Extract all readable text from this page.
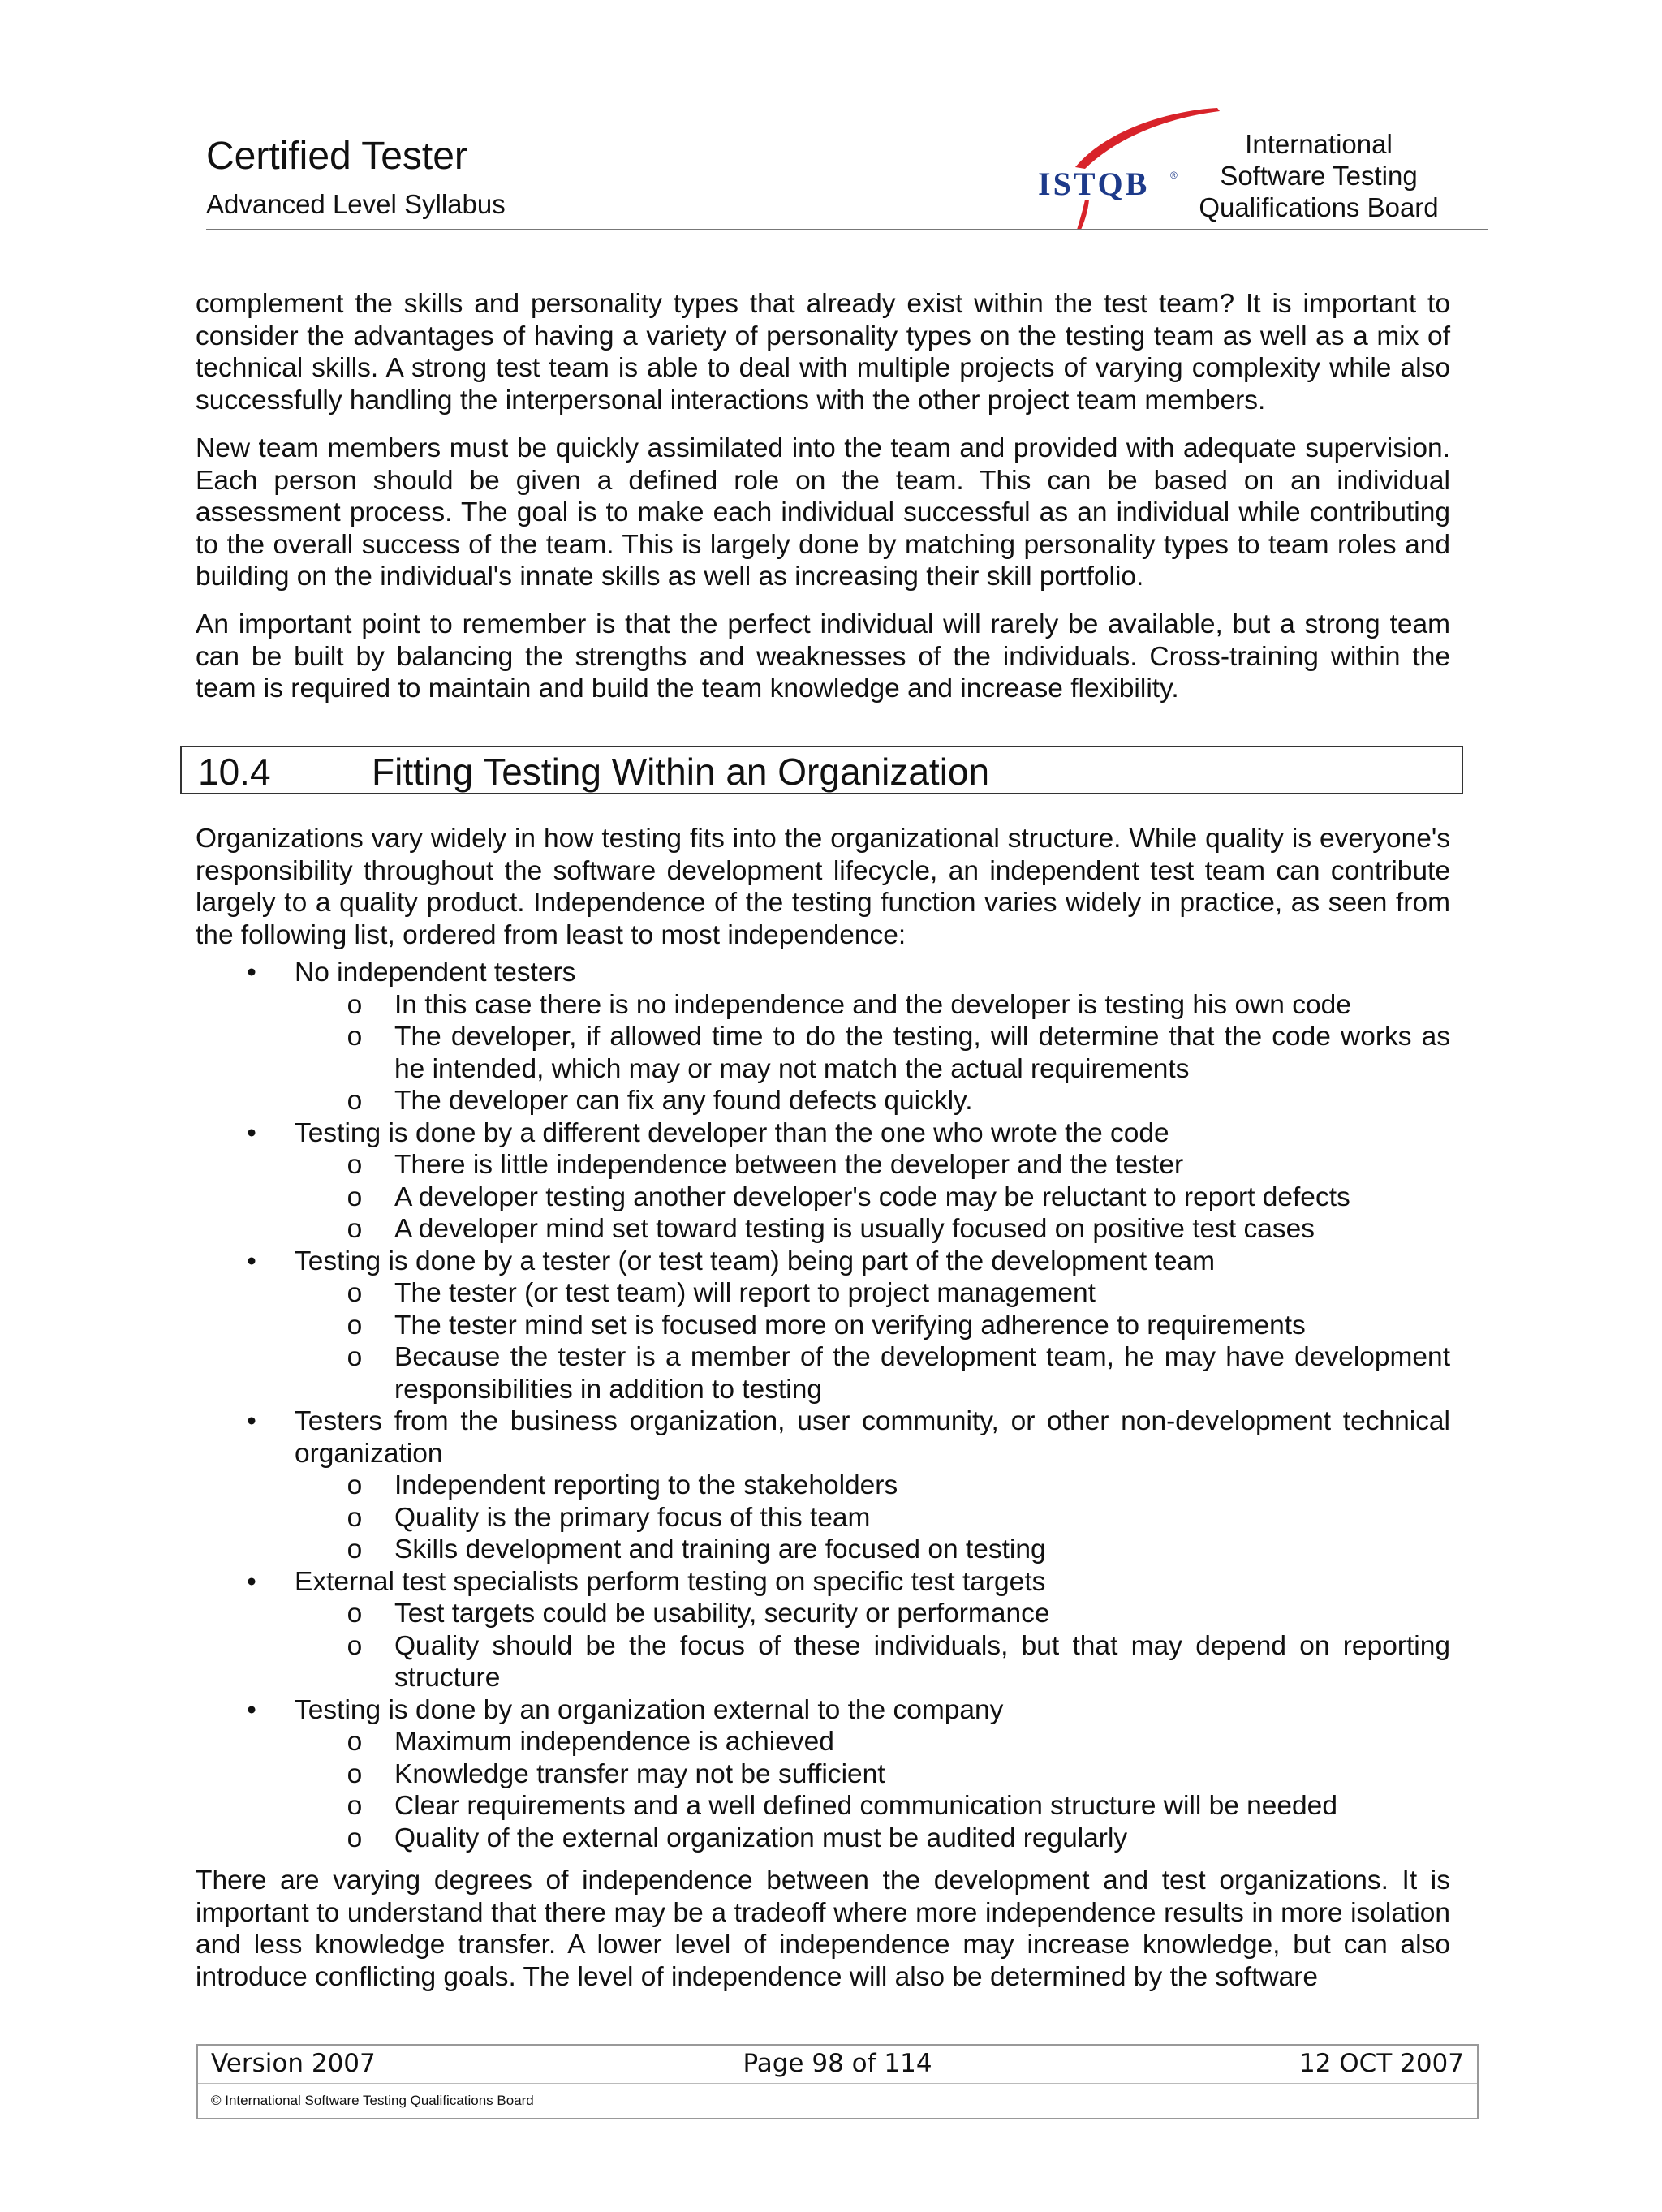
Certified Tester
Advanced Level Syllabus
ISTQB ®
International
Software Testing
Qualifications Board

complement the skills and personality types that already exist within the test team? It is important to consider the advantages of having a variety of personality types on the testing team as well as a mix of technical skills. A strong test team is able to deal with multiple projects of varying complexity while also successfully handling the interpersonal interactions with the other project team members.

New team members must be quickly assimilated into the team and provided with adequate supervision. Each person should be given a defined role on the team. This can be based on an individual assessment process. The goal is to make each individual successful as an individual while contributing to the overall success of the team. This is largely done by matching personality types to team roles and building on the individual's innate skills as well as increasing their skill portfolio.

An important point to remember is that the perfect individual will rarely be available, but a strong team can be built by balancing the strengths and weaknesses of the individuals. Cross-training within the team is required to maintain and build the team knowledge and increase flexibility.

10.4	Fitting Testing Within an Organization

Organizations vary widely in how testing fits into the organizational structure. While quality is everyone's responsibility throughout the software development lifecycle, an independent test team can contribute largely to a quality product. Independence of the testing function varies widely in practice, as seen from the following list, ordered from least to most independence:

• No independent testers
o In this case there is no independence and the developer is testing his own code
o The developer, if allowed time to do the testing, will determine that the code works as he intended, which may or may not match the actual requirements
o The developer can fix any found defects quickly.
• Testing is done by a different developer than the one who wrote the code
o There is little independence between the developer and the tester
o A developer testing another developer's code may be reluctant to report defects
o A developer mind set toward testing is usually focused on positive test cases
• Testing is done by a tester (or test team) being part of the development team
o The tester (or test team) will report to project management
o The tester mind set is focused more on verifying adherence to requirements
o Because the tester is a member of the development team, he may have development responsibilities in addition to testing
• Testers from the business organization, user community, or other non-development technical organization
o Independent reporting to the stakeholders
o Quality is the primary focus of this team
o Skills development and training are focused on testing
• External test specialists perform testing on specific test targets
o Test targets could be usability, security or performance
o Quality should be the focus of these individuals, but that may depend on reporting structure
• Testing is done by an organization external to the company
o Maximum independence is achieved
o Knowledge transfer may not be sufficient
o Clear requirements and a well defined communication structure will be needed
o Quality of the external organization must be audited regularly

There are varying degrees of independence between the development and test organizations. It is important to understand that there may be a tradeoff where more independence results in more isolation and less knowledge transfer. A lower level of independence may increase knowledge, but can also introduce conflicting goals. The level of independence will also be determined by the software

Version 2007	Page 98 of 114	12 OCT 2007
© International Software Testing Qualifications Board
